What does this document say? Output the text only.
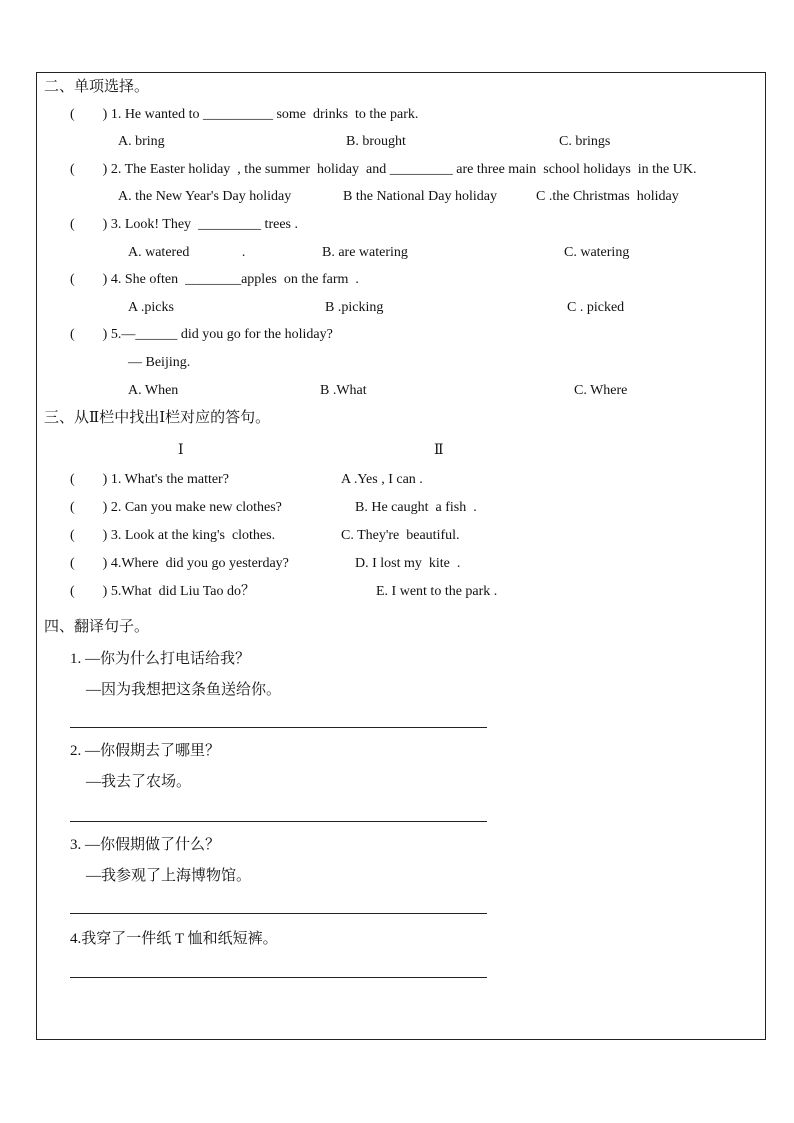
二、单项选择。
(        ) 1. He wanted to __________ some  drinks  to the park.
A. bring	B. brought	C. brings
(        ) 2. The Easter holiday  , the summer  holiday  and _________ are three main  school holidays  in the UK.
A. the New Year's Day holiday	B the National Day holiday	C .the Christmas  holiday
(        ) 3. Look! They  _________ trees .
A. watered               .	B. are watering	C. watering
(        ) 4. She often  ________apples  on the farm  .
A .picks	B .picking	C . picked
(        ) 5.—______ did you go for the holiday?
— Beijing.
A. When	B .What	C. Where
三、从Ⅱ栏中找出Ⅰ栏对应的答句。
Ⅰ	Ⅱ
(        ) 1. What's the matter?	A .Yes , I can .
(        ) 2. Can you make new clothes?	B. He caught  a fish  .
(        ) 3. Look at the king's  clothes.	C. They're  beautiful.
(        ) 4.Where  did you go yesterday?	D. I lost my  kite  .
(        ) 5.What  did Liu Tao do？	E. I went to the park .
四、翻译句子。
1. —你为什么打电话给我？
—因为我想把这条鱼送给你。
2. —你假期去了哪里？
—我去了农场。
3. —你假期做了什么？
—我参观了上海博物馆。
4.我穿了一件纸 T 恤和纸短裤。
